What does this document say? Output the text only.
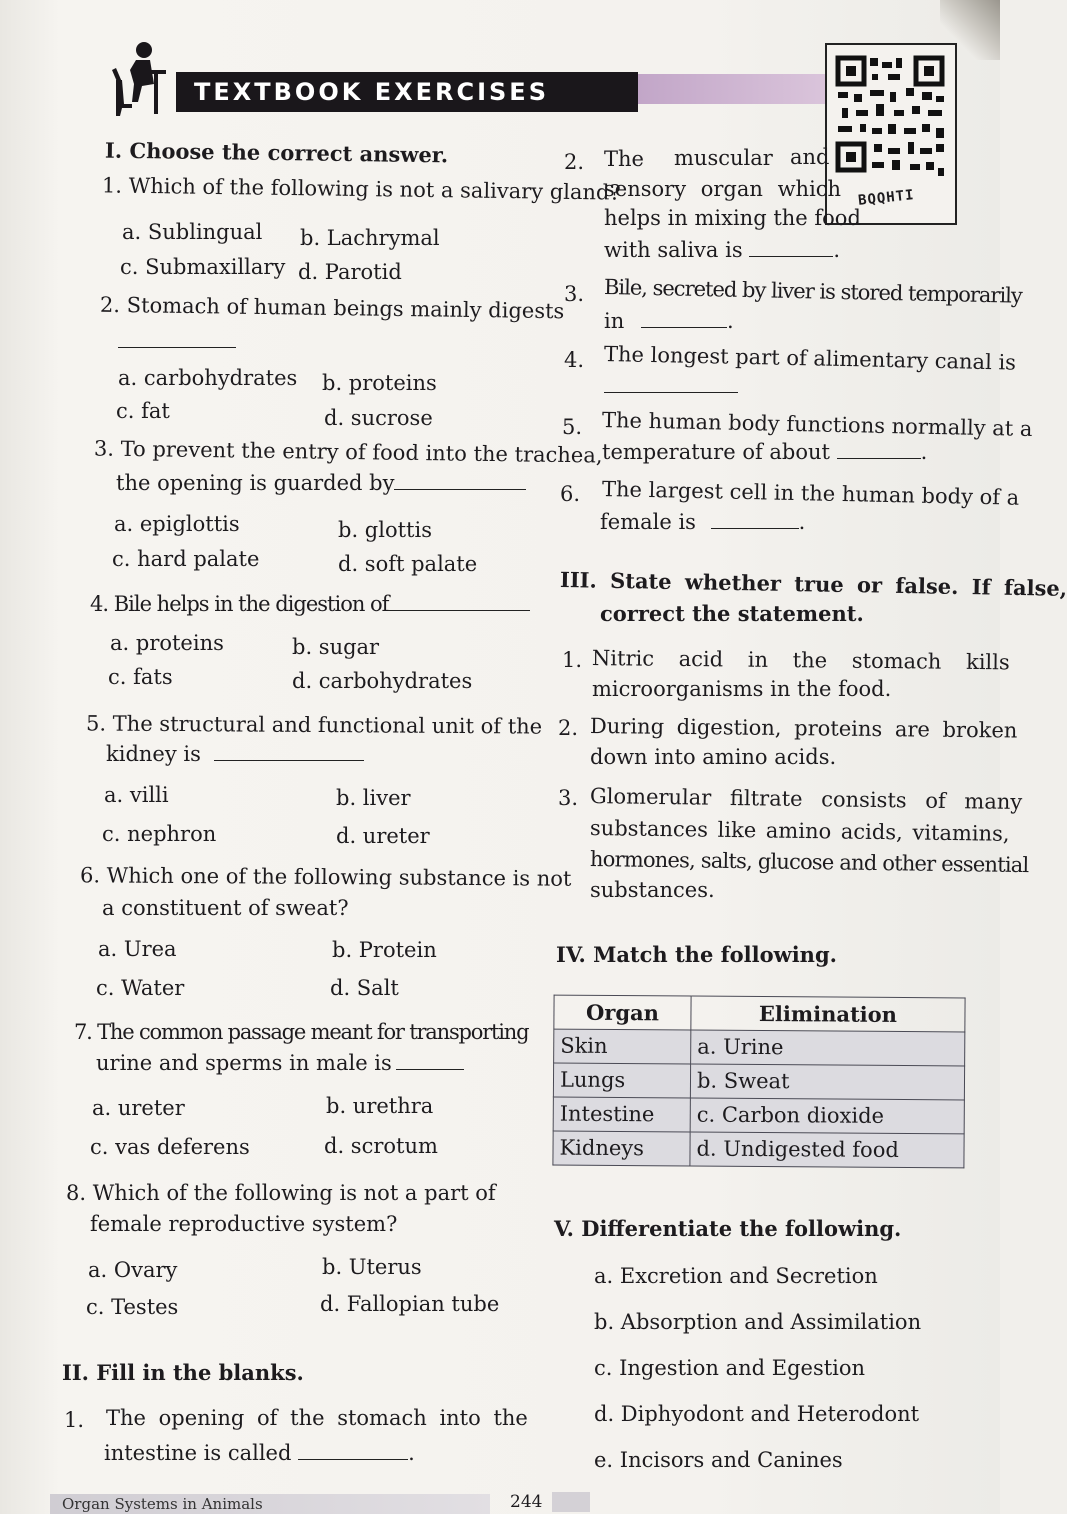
TEXTBOOK EXERCISES
BQQHTI
I. Choose the correct answer.
1. Which of the following is not a salivary gland?
a. Sublingual b. Lachrymal
c. Submaxillary d. Parotid
2. Stomach of human beings mainly digests
a. carbohydrates b. proteins
c. fat	d. sucrose
3. To prevent the entry of food into the trachea,
the opening is guarded by
a. epiglottis	b. glottis
c. hard palate	d. soft palate
4. Bile helps in the digestion of
a. proteins	b. sugar
c. fats	d. carbohydrates
5. The structural and functional unit of the
kidney is
a. villi	b. liver
c. nephron	d. ureter
6. Which one of the following substance is not
a constituent of sweat?
a. Urea	b. Protein
c. Water	d. Salt
7. The common passage meant for transporting
urine and sperms in male is
a. ureter	b. urethra
c. vas deferens	d. scrotum
8. Which of the following is not a part of
female reproductive system?
a. Ovary	b. Uterus
c. Testes	d. Fallopian tube
II. Fill in the blanks.
1. The opening of the stomach into the
intestine is called	.
2. The muscular and
sensory organ which
helps in mixing the food
with saliva is	.
3. Bile, secreted by liver is stored temporarily
in	.
4. The longest part of alimentary canal is
5. The human body functions normally at a
temperature of about	.
6. The largest cell in the human body of a
female is	.
III. State whether true or false. If false,
correct the statement.
1. Nitric acid in the stomach kills
microorganisms in the food.
2. During digestion, proteins are broken
down into amino acids.
3. Glomerular filtrate consists of many
substances like amino acids, vitamins,
hormones, salts, glucose and other essential
substances.
IV. Match the following.
Organ	Elimination
Skin	a. Urine
Lungs	b. Sweat
Intestine	c. Carbon dioxide
Kidneys	d. Undigested food
V. Differentiate the following.
a. Excretion and Secretion
b. Absorption and Assimilation
c. Ingestion and Egestion
d. Diphyodont and Heterodont
e. Incisors and Canines
Organ Systems in Animals	244
